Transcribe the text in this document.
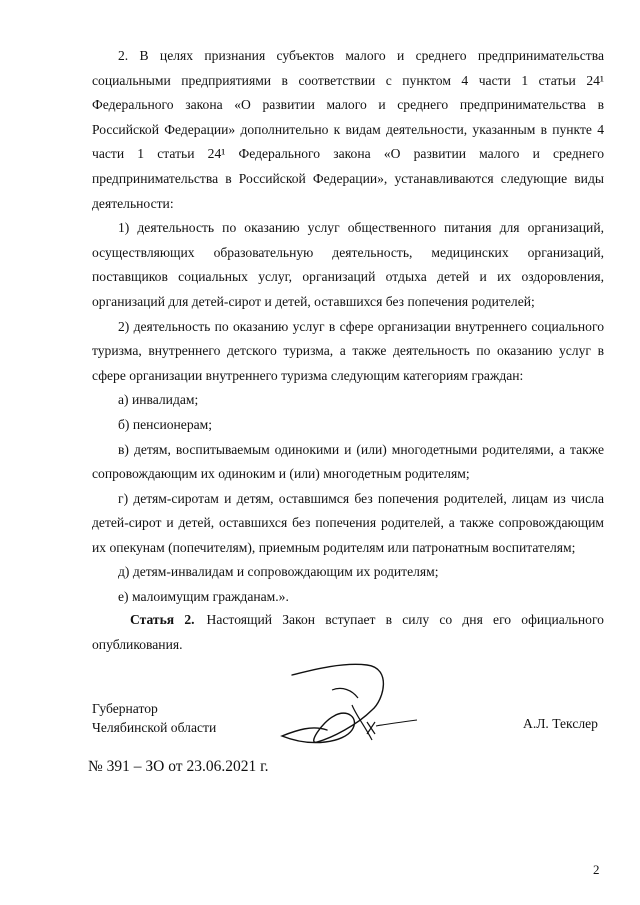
2. В целях признания субъектов малого и среднего предпринимательства социальными предприятиями в соответствии с пунктом 4 части 1 статьи 24¹ Федерального закона «О развитии малого и среднего предпринимательства в Российской Федерации» дополнительно к видам деятельности, указанным в пункте 4 части 1 статьи 24¹ Федерального закона «О развитии малого и среднего предпринимательства в Российской Федерации», устанавливаются следующие виды деятельности:

1) деятельность по оказанию услуг общественного питания для организаций, осуществляющих образовательную деятельность, медицинских организаций, поставщиков социальных услуг, организаций отдыха детей и их оздоровления, организаций для детей-сирот и детей, оставшихся без попечения родителей;

2) деятельность по оказанию услуг в сфере организации внутреннего социального туризма, внутреннего детского туризма, а также деятельность по оказанию услуг в сфере организации внутреннего туризма следующим категориям граждан:

а) инвалидам;

б) пенсионерам;

в) детям, воспитываемым одинокими и (или) многодетными родителями, а также сопровождающим их одиноким и (или) многодетным родителям;

г) детям-сиротам и детям, оставшимся без попечения родителей, лицам из числа детей-сирот и детей, оставшихся без попечения родителей, а также сопровождающим их опекунам (попечителям), приемным родителям или патронатным воспитателям;

д) детям-инвалидам и сопровождающим их родителям;

е) малоимущим гражданам.».

Статья 2. Настоящий Закон вступает в силу со дня его официального опубликования.

Губернатор
Челябинской области	А.Л. Текслер
№ 391 – ЗО от 23.06.2021 г.
2
